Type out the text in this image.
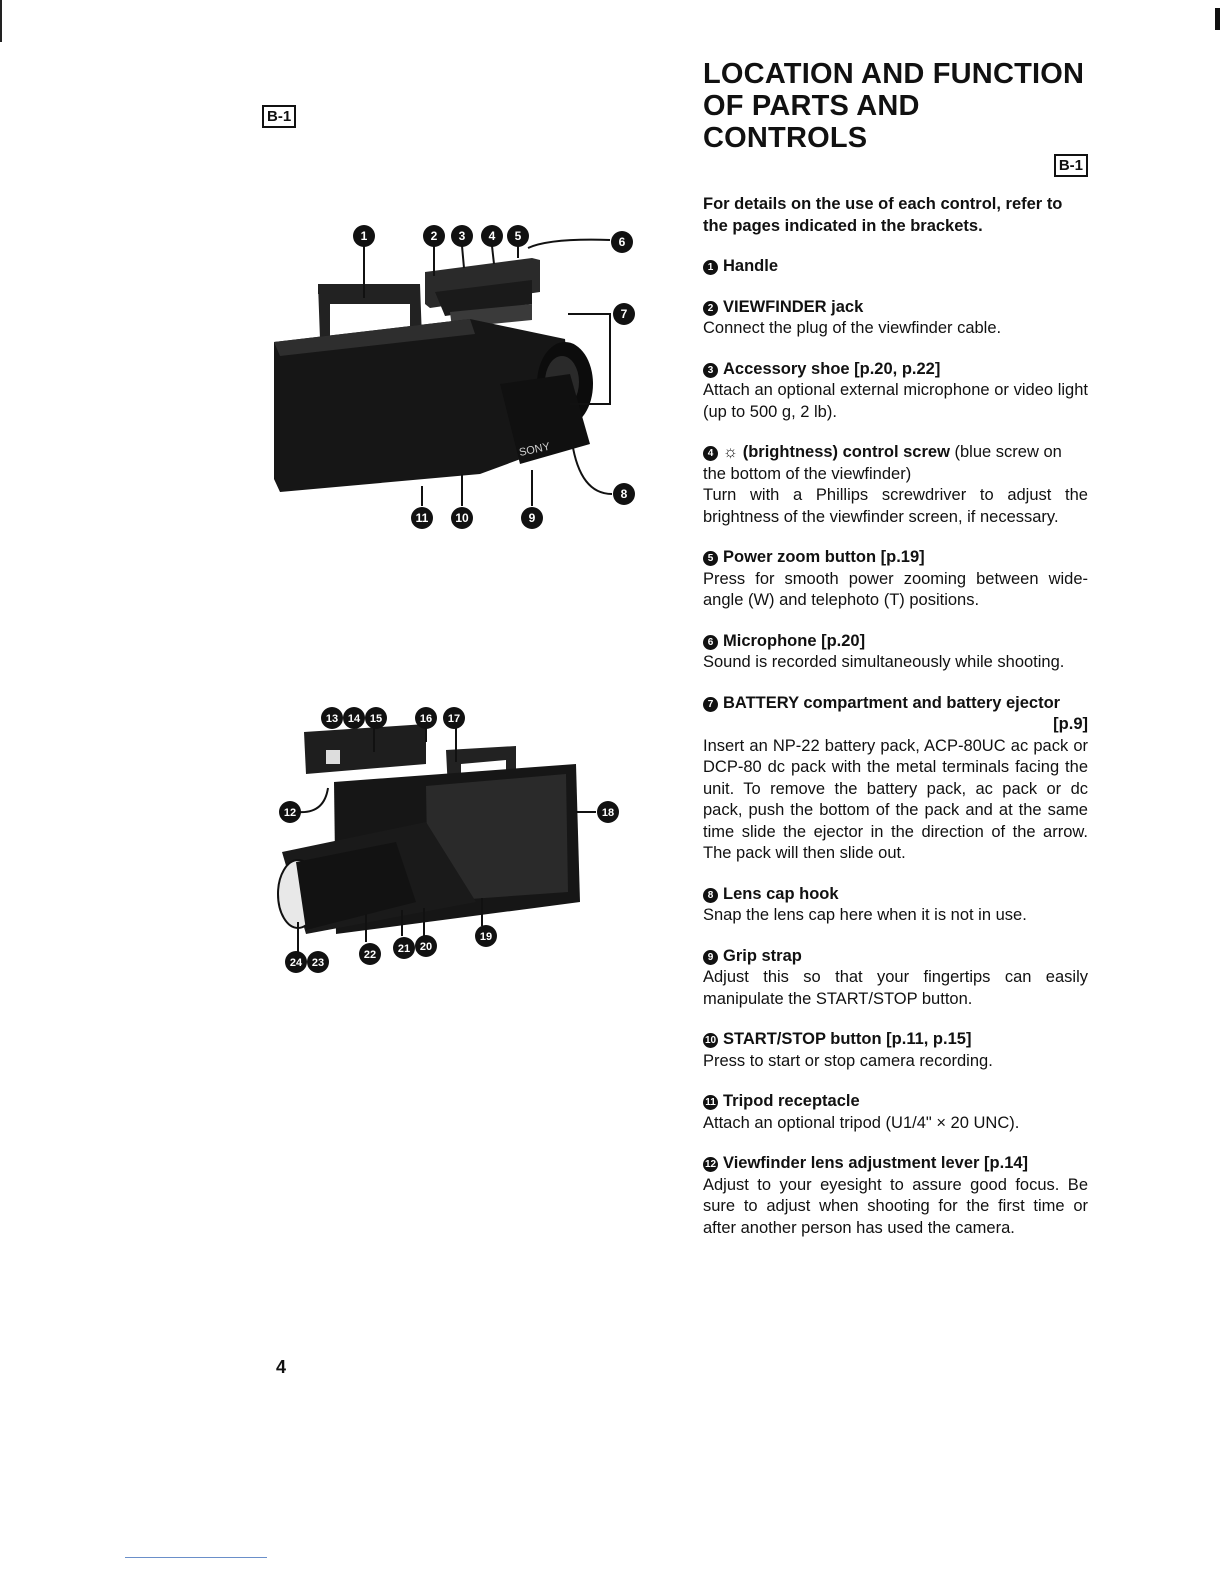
B-1
SONY
1	2 3 4 5	6
7
8
9
10
11
12
13 14 15	16 17
18
19
20
21
22
23
24
4
LOCATION AND FUNCTION
OF PARTS AND CONTROLS
B-1

For details on the use of each control, refer to the pages indicated in the brackets.

1 Handle
2 VIEWFINDER jack
Connect the plug of the viewfinder cable.
3 Accessory shoe [p.20, p.22]
Attach an optional external microphone or video light (up to 500 g, 2 lb).
4 ☼ (brightness) control screw (blue screw on the bottom of the viewfinder)
Turn with a Phillips screwdriver to adjust the brightness of the viewfinder screen, if necessary.
5 Power zoom button [p.19]
Press for smooth power zooming between wide-angle (W) and telephoto (T) positions.
6 Microphone [p.20]
Sound is recorded simultaneously while shooting.
7 BATTERY compartment and battery ejector
[p.9]
Insert an NP-22 battery pack, ACP-80UC ac pack or DCP-80 dc pack with the metal terminals facing the unit. To remove the battery pack, ac pack or dc pack, push the bottom of the pack and at the same time slide the ejector in the direction of the arrow. The pack will then slide out.
8 Lens cap hook
Snap the lens cap here when it is not in use.
9 Grip strap
Adjust this so that your fingertips can easily manipulate the START/STOP button.
10 START/STOP button [p.11, p.15]
Press to start or stop camera recording.
11 Tripod receptacle
Attach an optional tripod (U1/4" × 20 UNC).
12 Viewfinder lens adjustment lever [p.14]
Adjust to your eyesight to assure good focus. Be sure to adjust when shooting for the first time or after another person has used the camera.
